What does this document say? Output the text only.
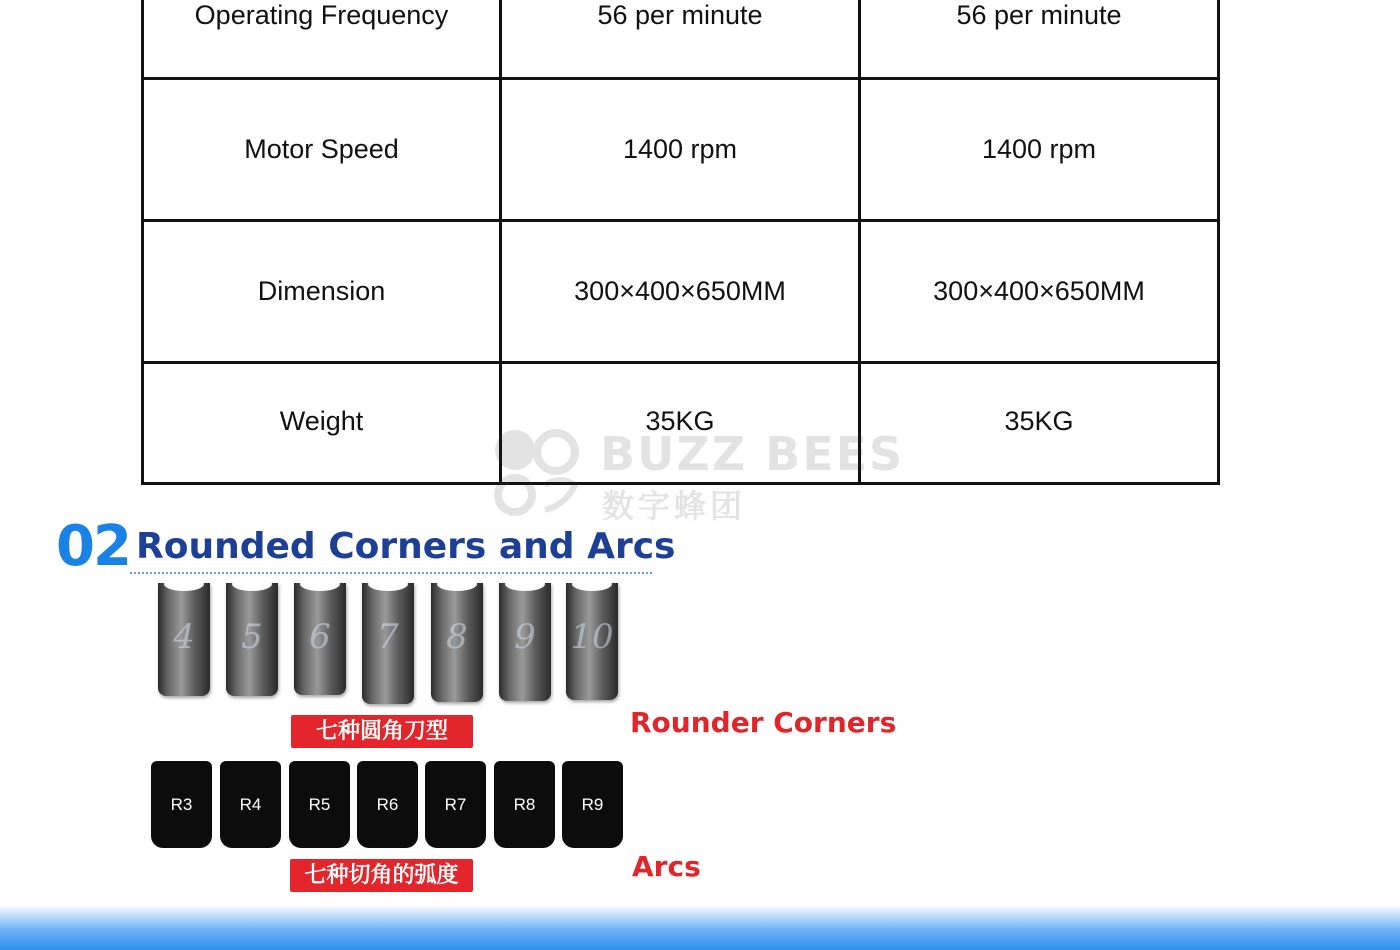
Operating Frequency	56 per minute	56 per minute

Motor Speed	1400 rpm	1400 rpm

Dimension	300×400×650MM	300×400×650MM

Weight	35KG	35KG
BUZZ BEES
数字蜂团
02 Rounded Corners and Arcs
4	5	6	7	8	9	10
七种圆角刀型	Rounder Corners
R3	R4	R5	R6	R7	R8	R9
七种切角的弧度	Arcs
